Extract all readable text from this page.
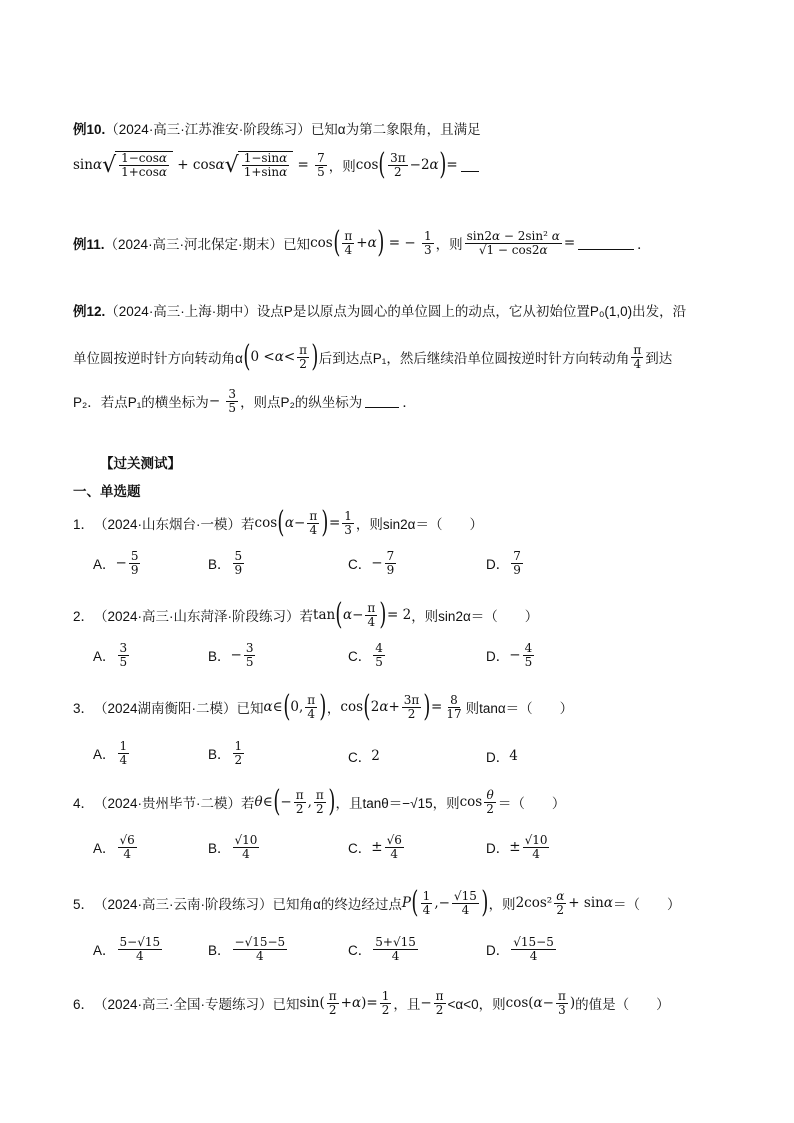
例10. （2024·高三·江苏淮安·阶段练习） 已知α为第二象限角，且满足
sin α √ $\frac{1-\cos\alpha}{1+\cos\alpha} + \cos \alpha$ √ $\frac{1-\sin\alpha}{1+\sin\alpha} = \frac{7}{5}$ ，则 cos ( $\frac{3\pi}{2} -2$ α ) =
例11. （2024·高三·河北保定·期末） 已知 cos ( $\frac{\pi}{4} + \alpha$ ) = − $\frac{1}{3}$ ，则 $\frac{\text{sin2α − 2sin² α}}{√1 - \cos 2\alpha}$ =	．
例12. （2024·高三·上海·期中） 设点P是以原点为圆心的单位圆上的动点，它从初始位置P₀(1,0)出发，沿
单位圆按逆时针方向转动角α ( $0 < \alpha < \frac{\pi}{2}$ ) 后到达点P₁，然后继续沿单位圆按逆时针方向转动角 $\frac{\pi}{4}$ 到达
P₂．若点P₁的横坐标为 − $\frac{3}{5}$ ，则点P₂的纵坐标为	．
【过关测试】
一、单选题
1． （2024·山东烟台·一模） 若 cos ( $\alpha - \frac{\pi}{4}$ ) = $\frac{1}{3}$ ，则sin2α＝（　　）
A． − $\frac{5}{9}$	B． $\frac{5}{9}$	C． − $\frac{7}{9}$	D． $\frac{7}{9}$
2． （2024·高三·山东菏泽·阶段练习） 若 tan ( $\alpha - \frac{\pi}{4}$ ) = 2 ，则sin2α＝（　　）
A． $\frac{3}{5}$	B． − $\frac{3}{5}$	C． $\frac{4}{5}$	D． − $\frac{4}{5}$
3． （2024湖南衡阳·二模） 已知 α ∈ ( 0, $\frac{\pi}{4}$ ) ， cos ( 2 $\alpha + \frac{3\pi}{2}$ ) = $\frac{8}{17}$ 则tanα＝（　　）
A． $\frac{1}{4}$	B． $\frac{1}{2}$	C． 2	D． 4
4． （2024·贵州毕节·二模） 若 θ ∈ ( − $\frac{\pi}{2}$ , $\frac{\pi}{2}$ ) ，且tanθ＝−√15，则 $\cos \frac{\theta}{2}$ ＝（　　）
A． $\frac{√6}{4}$	B． $\frac{√10}{4}$	C． ± $\frac{√6}{4}$	D． ± $\frac{√10}{4}$
5． （2024·高三·云南·阶段练习） 已知角α的终边经过点 P ( $\frac{1}{4}$ ,− $\frac{√15}{4}$ ) ，则 $2\cos^2 \frac{\alpha}{2} + \sin \alpha$ ＝（　　）
A． $\frac{5-√15}{4}$	B． $\frac{-√15-5}{4}$	C． $\frac{5+√15}{4}$	D． $\frac{√15-5}{4}$
6． （2024·高三·全国·专题练习） 已知 sin ( $\frac{\pi}{2} + \alpha$ )= $\frac{1}{2}$ ，且 − $\frac{\pi}{2} <\alpha<0$，则 cos ( $\alpha - \frac{\pi}{3}$ ) 的值是（　　）
